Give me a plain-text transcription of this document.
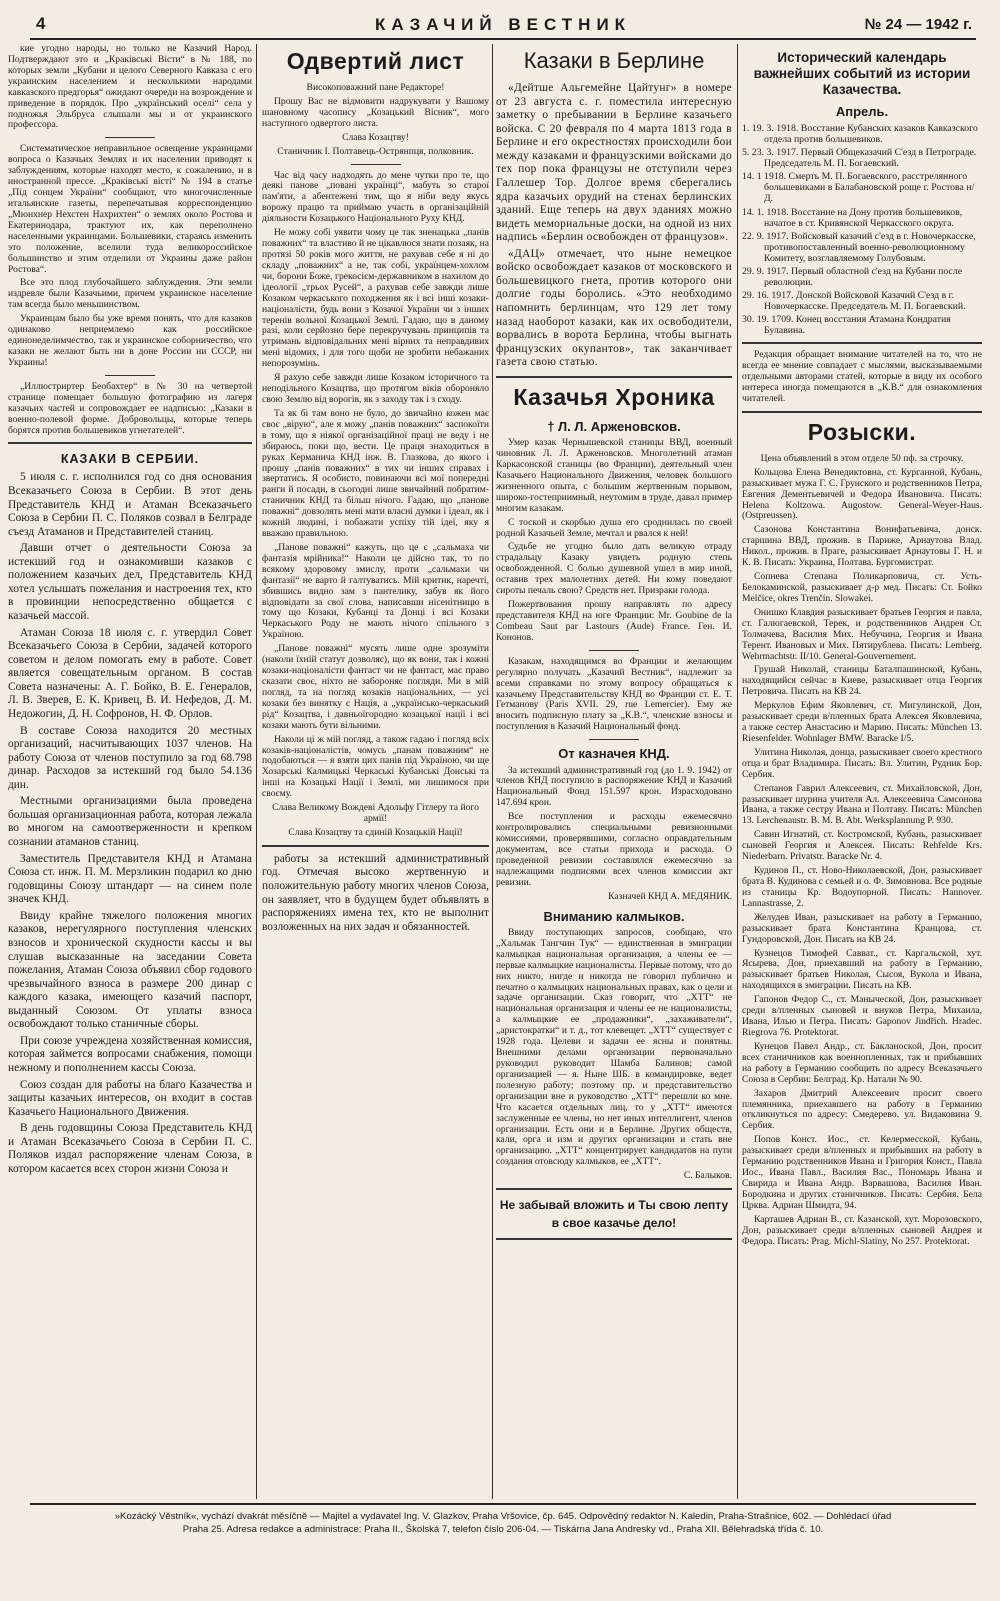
4	КАЗАЧИЙ ВЕСТНИК	№ 24 — 1942 г.

кие угодно народы, но только не Казачий Народ. Подтверждают это и „Краківські Вісти“ в № 188, по которых земли „Кубани и целого Северного Кавказа с его украинским населением и несколькими народами кавказского предгорья“ ожидают очереди на возрождение и приведение в порядок. Про „український оселі“ села у подножья Эльбруса слышали мы и от украинского профессора.

Систематическое неправильное освещение украинцами вопроса о Казачьих Землях и их населении приводят к заблуждениям, которые находят место, к сожалению, и в иностранной прессе. „Краківські вісті“ № 194 в статье „Під сонцем України“ сообщают, что многочисленные итальянские газеты, перепечатывая корреспонденцию „Мюнхнер Нехстен Нахрихтен“ о землях около Ростова и Екатеринодара, трактуют их, как переполнено населенными украинцами. Большевики, стараясь изменить это положение, вселили туда великороссийское большинство и этим отделили от Украины даже район Ростова“.

Все это плод глубочайшего заблуждения. Эти земли издревле были Казачьими, причем украинское население там всегда было меньшинством.

Украинцам было бы уже время понять, что для казаков одинаково неприемлемо как российское единонеделимчество, так и украинское соборничество, что казаки не желают быть ни в доне России ни СССР, ни Украины!

„Иллюстриртер Беобахтер“ в № 30 на четвертой странице помещает большую фотографию из лагеря казачьих частей и сопровождает ее надписью: „Казаки в военно-полевой форме. Добровольцы, которые теперь борятся против большевиков угнетателей“.

КАЗАКИ В СЕРБИИ.

5 июля с. г. исполнился год со дня основания Всеказачьего Союза в Сербии. В этот день Представитель КНД и Атаман Всеказачьего Союза в Сербии П. С. Поляков созвал в Белграде съезд Атаманов и Представителей станиц.

Давши отчет о деятельности Союза за истекший год и ознакомивши казаков с положением казачьих дел, Представитель КНД хотел услышать пожелания и настроения тех, кто в провинции непосредственно общается с казачьей массой.

Атаман Союза 18 июля с. г. утвердил Совет Всеказачьего Союза в Сербии, задачей которого советом и делом помогать ему в работе. Совет является совещательным органом. В состав Совета назначены: А. Г. Бойко, В. Е. Генералов, Л. В. Зверев, Е. К. Кривец, В. И. Нефедов, Д. М. Недожогин, Д. Н. Софронов, Н. Ф. Орлов.

В составе Союза находится 20 местных организаций, насчитывающих 1037 членов. На работу Союза от членов поступило за год 68.798 динар. Расходов за истекший год было 54.136 дин.

Местными организациями была проведена большая организационная работа, которая лежала во многом на самоотверженности и крепком сознании атаманов станиц.

Заместитель Представителя КНД и Атамана Союза ст. инж. П. М. Мерзликин подарил ко дню годовщины Союзу штандарт — на синем поле значек КНД.

Ввиду крайне тяжелого положения многих казаков, нерегулярного поступления членских взносов и хронической скудности кассы и вы слушав высказанные на заседании Совета пожелания, Атаман Союза объявил сбор годового чрезвычайного взноса в размере 200 динар с каждого казака, имеющего казачий паспорт, выданный Союзом. От уплаты взноса освобождают только станичные сборы.

При союзе учреждена хозяйственная комиссия, которая займется вопросами снабжения, помощи нежному и пополнением кассы Союза.

Союз создан для работы на благо Казачества и защиты казачьих интересов, он входит в состав Казачьего Национального Движения.

В день годовщины Союза Представитель КНД и Атаман Всеказачьего Союза в Сербии П. С. Поляков издал распоряжение членам Союза, в котором касается всех сторон жизни Союза и

Одвертий лист

Високоповажний пане Редакторе!

Прошу Вас не відмовити надрукувати у Вашому шановному часопису „Козацький Вісник“, мого наступного одвертого листа.

Слава Козацтву!

Станичник І. Полтавець-Острянпця, полковник.

Час від часу надходять до мене чутки про те, що деякі панове „повані українці“, мабуть зо старої пам'яти, а абентежені тим, що я ніби веду якусь ворожу працю та приймаю участь в організаційній діяльности Козацького Національного Руху КНД.

Не можу собі уявити чому це так зненацька „панів поважних“ та властиво й не цікавлюся знати позаяк, на протязі 50 років мого життя, не рахував себе я ні до складу „поважних“ а не, так собі, українцем-хохлом чи, борони Боже, грекосієм-державником в нахилом до ідеології „трьох Русей“, а рахував себе завжди лише Козаком черкаського походження як і всі інші козаки-націоналісти, будь вони з Козачої України чи з інших теренів вольної Козацької Землі. Гадаю, що в даному разі, коли серйозно бере перекручувань принципів та утримань відповідальних мені вірних та неправдивих мені відомих, і для того щоби не зробити небажаних непорозумінь.

Я рахую себе завжди лише Козаком історичного та неподільного Козацтва, що протягом віків обороняло свою Землю від ворогів, як з заходу так і з сходу.

Та як бі там воно не було, до звичайно кожен має своє „вірую“, але я можу „панів поважних“ заспокоїти в тому, що я ніякої організаційної праці не веду і не збираюсь, поки що, вести. Це праця знаходиться в руках Керманича КНД інж. В. Глазкова, до якого і прошу „панів поважних“ в тих чи інших справах і звертатись. Я особисто, повинаючи всі мої попередні ранги й посади, в сьогодні лише звичайний побратим-станичник КНД та більш нічого. Гадаю, що „панове поважні“ довзолять мені мати власні думки і ідеал, як і кожній людині, і побажати успіху тій ідеї, яку я вважаю правильною.

„Панове поважні“ кажуть, що це є „сальмаха чи фантазія мрійника!“ Наколи це дійсно так, то по всякому здоровому змислу, проти „сальмахи чи фантазії“ не варто й галтуватись. Мій критик, наречті, збившись видно зам з пантелику, забув як його відповідати за свої слова, написавши нісенітницю в тому що Козаки, Кубанці та Донці і всі Козаки Черкаського Роду не мають нічого спільного з Україною.

„Панове поважні“ мусять лише одне зрозуміти (наколи їхній статут дозволяє), що як вони, так і кожні козаки-націоналісти фантаст чи не фантаст, має право сказати своє, ніхто не забороняє погляди. Ми в мій погляд, та на погляд козаків національних, — усі козаки без винятку є Нація, а „українсько-черкаський рід“ Козацтва, і давньоїгородно козацької нації і всі козаки мають бути вільними.

Наколи ці ж мій погляд, а також гадаю і погляд всіх козаків-націоналістів, чомусь „панам поважним“ не подобаються — я взяти цих панів під Україною, чи ще Хозарські Калмицькі Черкаські Кубанські Донські та інші на Козацькі Нації і Землі, ми лишимося при своєму.

Слава Великому Вождеві Адольфу Гітлеру та його армії!

Слава Козацтву та єдиній Козацькій Нації!

работы за истекший административный год. Отмечая высоко жертвенную и положительную работу многих членов Союза, он заявляет, что в будущем будет объявлять в распоряжениях имена тех, кто не выполнит возложенных на них задач и обязанностей.

Казаки в Берлине

«Дейтше Альгемейне Цайтунг» в номере от 23 августа с. г. поместила интересную заметку о пребывании в Берлине казачьего войска. С 20 февраля по 4 марта 1813 года в Берлине и его окрестностях происходили бои между казаками и французскими войсками до тех пор пока французы не отступили через Галлешер Тор. Долгое время сберегались ядра казачьих орудий на стенах берлинских зданий. Еще теперь на двух зданиях можно видеть мемориальные доски, на одной из них надпись «Берлин освобожден от французов».

«ДАЦ» отмечает, что ныне немецкое войско освобождает казаков от московского и большевицкого гнета, против которого они долгие годы боролись. «Это необходимо напомнить берлинцам, что 129 лет тому назад наоборот казаки, как их освободители, ворвались в ворота Берлина, чтобы выгнать французских окупантов», так заканчивает газета свою статью.

Казачья Хроника
† Л. Л. Арженовсков.

Умер казак Чернышевской станицы ВВД, военный чиновник Л. Л. Арженовсков. Многолетний атаман Каркасонской станицы (во Франции), деятельный член Казачьего Национального Движения, человек большого жизненного опыта, с большим жертвенным порывом, широко-гостеприимный, неутомим в труде, давал пример многим казакам.

С тоской и скорбью душа его сроднилась по своей родной Казачьей Земле, мечтал и рвался к ней!

Судьбе не угодно было дать великую отраду страдальцу Казаку увидеть родную степь освобожденной. С болью душевной ушел в мир иной, оставив трех малолетних детей. Ни кому поведают сироты печаль свою? Средств нет. Призраки голода.

Пожертвования прошу направлять по адресу представителя КНД на юге Франции: Mr. Goubine de la Combeau Saut par Lastours (Aude) France. Ген. И. Кононов.

Казакам, находящимся во Франции и желающим регулярно получать „Казачий Вестник“, надлежит за всеми справками по этому вопросу обращаться к казачьему Представительству КНД во Франции ст. Е. Т. Гетманову (Paris XVII. 29, rue Lemercier). Ему же вносить подписную плату за „К.В.“, членские взносы и поступления в Казачий Национальный фонд.

От казначея КНД.

За истекший административный год (до 1. 9. 1942) от членов КНД поступило в распоряжение КНД и Казачий Национальный Фонд 151.597 крон. Израсходовано 147.694 крон.

Все поступления и расходы ежемесячно контролировались специальными ревизионными комиссиями, проверявшими, согласно оправдательным документам, все статьи прихода и расхода. О проведенной ревизии составлялся ежемесячно за надлежащими подписями всех членов комиссии акт ревизии.

Казначей КНД А. МЕДЯНИК.

Вниманию калмыков.

Ввиду поступающих запросов, сообщаю, что „Хальмак Тангчин Тук“ — единственная в эмиграции калмыцкая национальная организация, а члены ее — первые калмыцкие националисты. Первые потому, что до них никто, нигде и никогда не говорил публично и печатно о калмыцких национальных правах, как о цели и задаче организации. Сказ говорит, что „ХТТ“ не национальная организация и члены ее не националисты, а калмыцкие ее „продажники“, „захаживатели“, „аристократки“ и т. д., тот клевещет. „ХТТ“ существует с 1928 года. Целеви и задачи ее ясны и понятны. Внешними делами организации первоначально руководил руководит Шамба Балинов; самой организацией — я. Ныне ШБ. в командировке, ведет полезную работу; поэтому пр. и представительство организации вне и руководство „ХТТ“ перешли ко мне. Что касается отдельных лиц, то у „ХТТ“ имеются заслуженные ее члены, но нет иных интеллигент, членов организации. Есть они и в Берлине. Других обществ, кали, орга и изм и других организации и стать вне организацию. „ХТТ“ концентрирует кандидатов на пути создания отовсюду калмыков, ее „ХТТ“.

С. Балыков.

Не забывай вложить и Ты свою лепту в свое казачье дело!
Исторический календарь важнейших событий из истории Казачества.
Апрель.
1. 19. 3. 1918. Восстание Кубанских казаков Кавказского отдела против большевиков.
5. 23. 3. 1917. Первый Общеказачий С'езд в Петрограде. Председатель М. П. Богаевский.
14. 1 1918. Смерть М. П. Богаевского, расстрелянного большевиками в Балабановской роще г. Ростова н/Д.
14. 1. 1918. Восстание на Дону против большевиков, начатое в ст. Кривянской Черкасского округа.
22. 9. 1917. Войсковый казачий с'езд в г. Новочеркасске, противопоставленный военно-революционному Комитету, возглавляемому Голубовым.
29. 9. 1917. Первый областной с'езд на Кубани после революции.
29. 16. 1917. Донской Войсковой Казачий С'езд в г. Новочеркасске. Председатель М. П. Богаевский.
30. 19. 1709. Конец восстания Атамана Кондратия Булавина.

Редакция обращает внимание читателей на то, что не всегда ее мнение совпадает с мыслями, высказываемыми отдельными авторами статей, которые в виду их особого интереса иногда помещаются в „К.В.“ для ознакомления читателей.

Розыски.

Цена объявлений в этом отделе 50 пф. за строчку.

Кольцова Елена Венедиктовна, ст. Курганной, Кубань, разыскивает мужа Г. С. Грунского и родственников Петра, Евгения Дементьевичей и Федора Ивановича. Писать: Helena Koltzowa. Augostow. General-Weyer-Haus. (Ostpreussen).

Сазонова Константина Вонифатьевича, донск. старшина ВВД, прожив. в Париже, Арнаутова Влад. Никол., прожив. в Праге, разыскивает Арнаутовы Г. Н. и К. В. Писать: Украина, Полтава. Бургомистрат.

Сопнева Степана Поликарповича, ст. Усть-Белокаминской, разыскивает д-р мед. Писать: Ст. Бойко Melčice, okres Trenčín. Slowakei.

Онишко Клавдия разыскивает братьев Георгия и павла, ст. Галюгаевской, Терек, и родственников Андрея Ст. Толмачева, Василия Мих. Небучина, Георгия и Ивана Терент. Ивановых и Мих. Пятирублева. Писать: Lemberg. Wehrmachtstr. II/10. General-Gouvernement.

Грушай Николай, станицы Баталпашинской, Кубань, находящийся сейчас в Киеве, разыскивает отца Георгия Петровича. Писать на КВ 24.

Меркулов Ефим Яковлевич, ст. Мигулинской, Дон, разыскивает среди в/пленных брата Алексея Яковлевича, а также сестер Анастасию и Марию. Писать: München 13. Riesenfelder. Wohnlager BMW. Baracke I/5.

Улитина Николая, донца, разыскивает своего крестного отца и брат Владимира. Писать: Вл. Улитин, Рудник Бор. Сербия.

Степанов Гаврил Алексеевич, ст. Михайловской, Дон, разыскивает шурина учителя Ал. Алексеевича Самсонова Ивана, а также сестру Ивана и Полтаву. Писать: München 13. Lerchenaustr. B. M. B. Abt. Werksplannung P. 930.

Савин Игнатий, ст. Костромской, Кубань, разыскивает сыновей Георгия и Алексея. Писать: Rehfelde Krs. Niederbarn. Privatstr. Baracke Nr. 4.

Кудинов П., ст. Ново-Николаевской, Дон, разыскивает брата В. Кудинова с семьей и о. Ф. Зимовнова. Все родные из станицы Кр. Водоупорной. Писать: Hannover. Lannastrasse, 2.

Желудев Иван, разыскивает на работу в Германию, разыскивает брата Константина Кранцова, ст. Гундоровской, Дон. Писать на КВ 24.

Кузнецов Тимофей Савват., ст. Каргальской, хут. Ясырева, Дон, приехавший на работу в Германию, разыскивает братьев Николая, Сысоя, Вукола и Ивана, находящихся в эмиграции. Писать на КВ.

Гапонов Федор С., ст. Маныческой, Дон, разыскивает среди в/пленных сыновей и внуков Петра, Михаила, Ивана, Илью и Петра. Писать: Gaponov Jindřich. Hradec. Riegrova 76. Protektorat.

Кунецов Павел Андр., ст. Бакланоской, Дон, просит всех станичников как военнопленных, так и прибывших на работу в Германию сообщить по адресу Всеказачьего Союза в Сербии: Белград. Кр. Натали № 90.

Захаров Дмитрий Алексеевич просит своего племянника, приехавшего на работу в Германию откликнуться по адресу: Смедерево. ул. Видаковина 9. Сербия.

Попов Конст. Иос., ст. Келермесской, Кубань, разыскивает среди в/пленных и прибывших на работу в Германию родственников Ивана и Григория Конст., Павла Иос., Ивана Павл., Василия Вас., Пономарь Ивана и Свирида и Ивана Андр. Варвашова, Василия Иван. Бородкина и других станичников. Писать: Сербия. Бела Црква. Адриан Шмидта, 94.

Карташев Адриан В., ст. Казанской, хут. Морозовского, Дон, разыскивает среди в/пленных сыновей Андрея и Федора. Писать: Prag. Michl-Slatiny, No 257. Protektorat.

»Kozácký Věstník«, vychází dvakrát měsíčně — Majitel a vydavatel Ing. V. Glazkov, Praha Vršovice, čp. 645. Odpovědný redaktor N. Kaledin, Praha-Strašnice, 602. — Dohlédací úřad
Praha 25. Adresa redakce a administrace: Praha II., Školská 7, telefon číslo 206-04. — Tiskárna Jana Andresky vd., Praha XII. Bělehradská třída č. 10.
